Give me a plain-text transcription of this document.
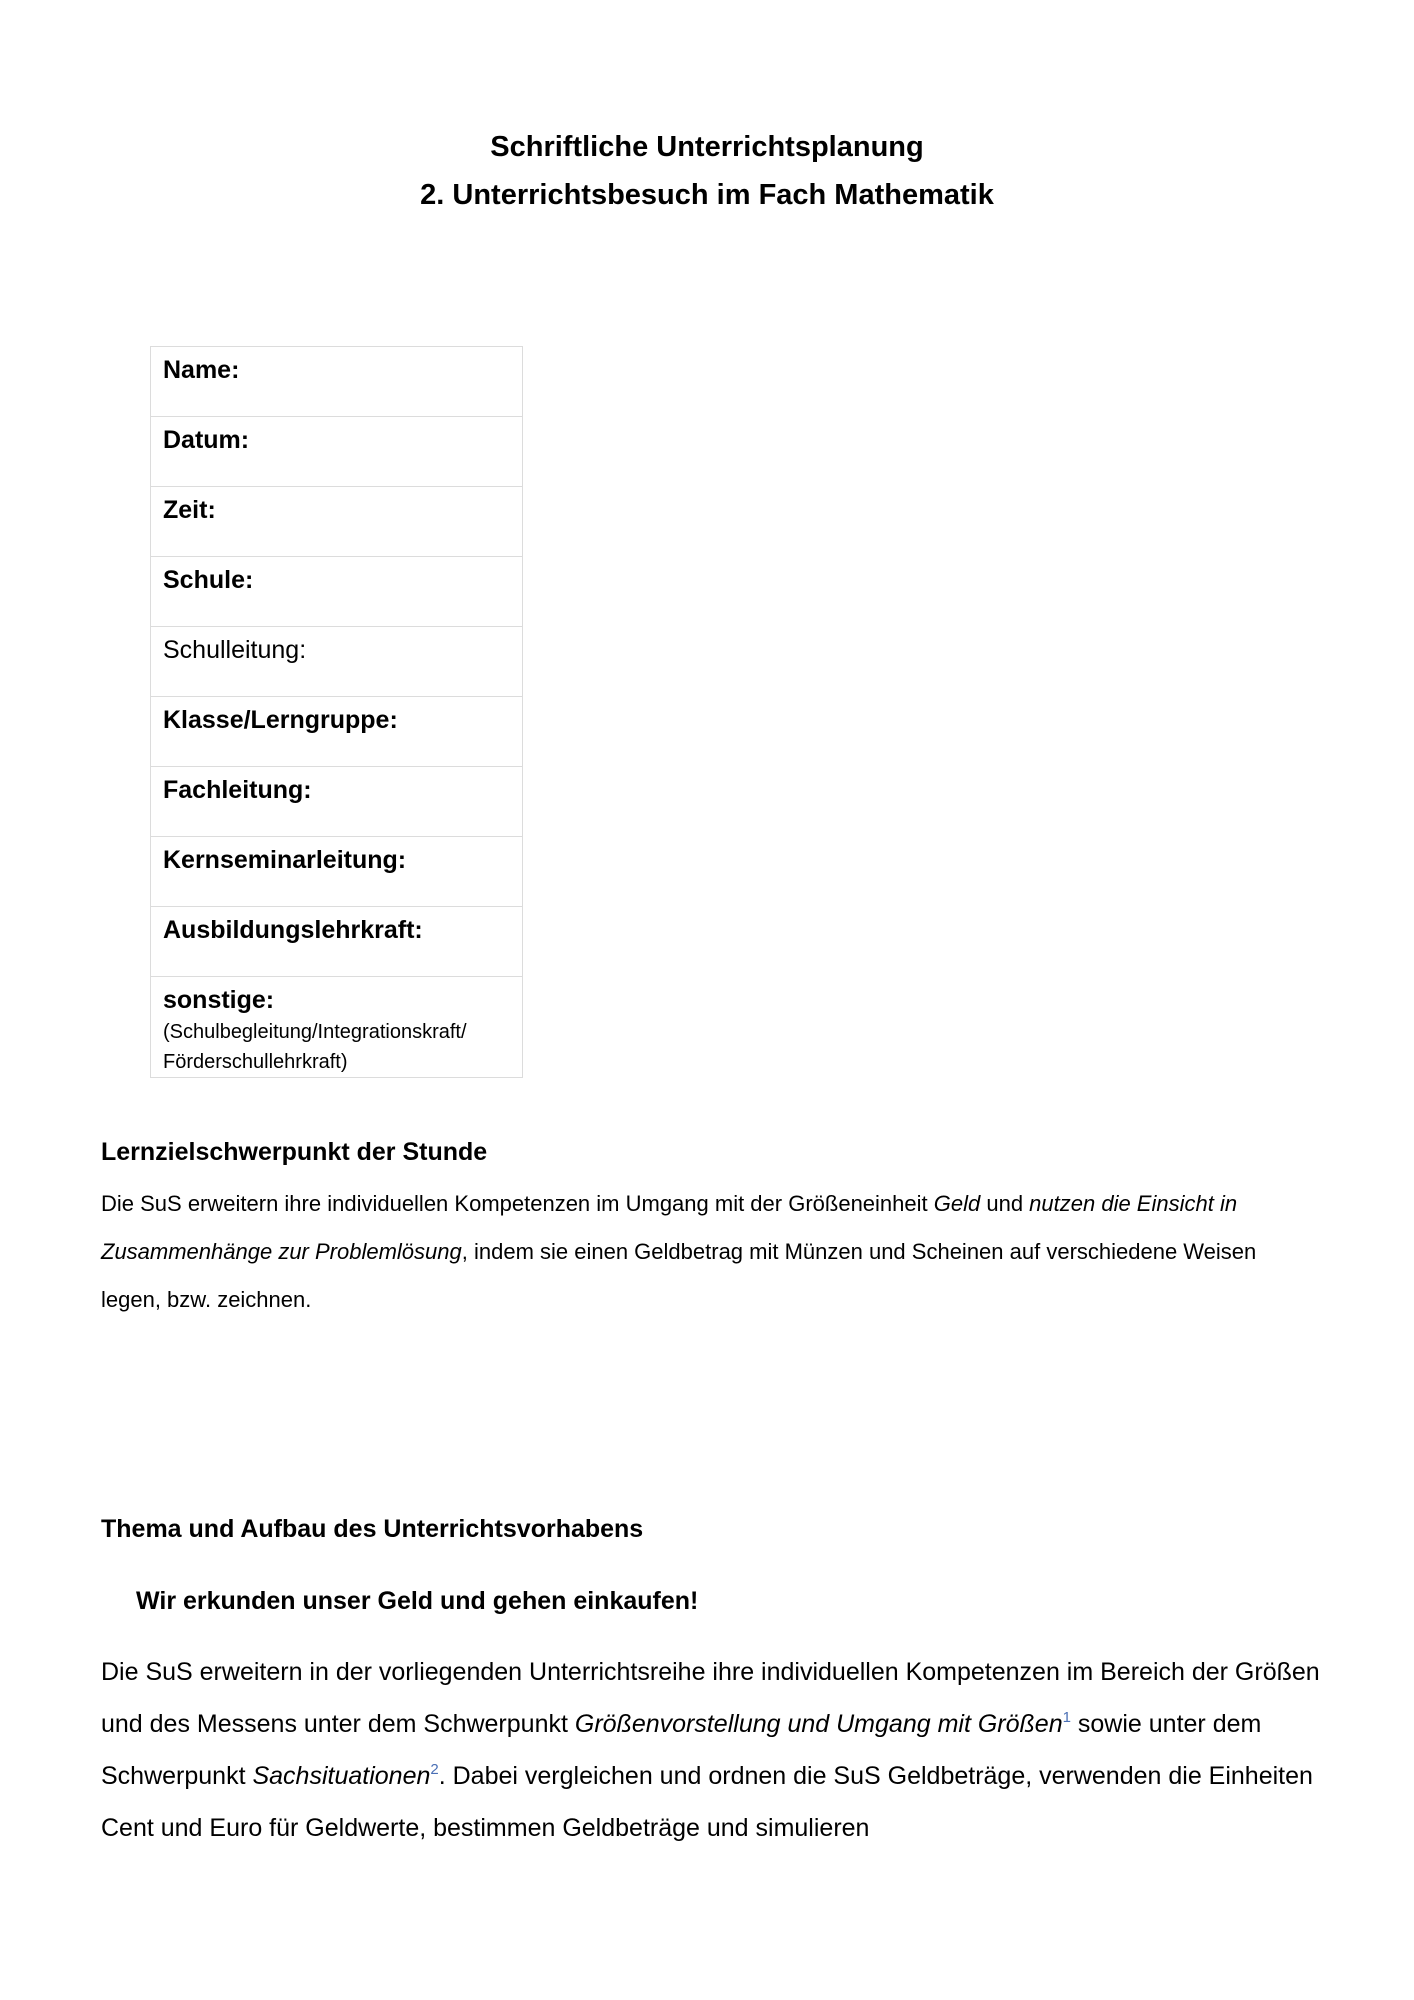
Schriftliche Unterrichtsplanung
2. Unterrichtsbesuch im Fach Mathematik
Name:

Datum:

Zeit:

Schule:

Schulleitung:

Klasse/Lerngruppe:

Fachleitung:

Kernseminarleitung:

Ausbildungslehrkraft:

sonstige:
(Schulbegleitung/Integrationskraft/
Förderschullehrkraft)
Lernzielschwerpunkt der Stunde
Die SuS erweitern ihre individuellen Kompetenzen im Umgang mit der Größeneinheit Geld und nutzen die Einsicht in Zusammenhänge zur Problemlösung, indem sie einen Geldbetrag mit Münzen und Scheinen auf verschiedene Weisen legen, bzw. zeichnen.
Thema und Aufbau des Unterrichtsvorhabens
Wir erkunden unser Geld und gehen einkaufen!
Die SuS erweitern in der vorliegenden Unterrichtsreihe ihre individuellen Kompetenzen im Bereich der Größen und des Messens unter dem Schwerpunkt Größenvorstellung und Umgang mit Größen$^1$ sowie unter dem Schwerpunkt Sachsituationen$^2$. Dabei vergleichen und ordnen die SuS Geldbeträge, verwenden die Einheiten Cent und Euro für Geldwerte, bestimmen Geldbeträge und simulieren
